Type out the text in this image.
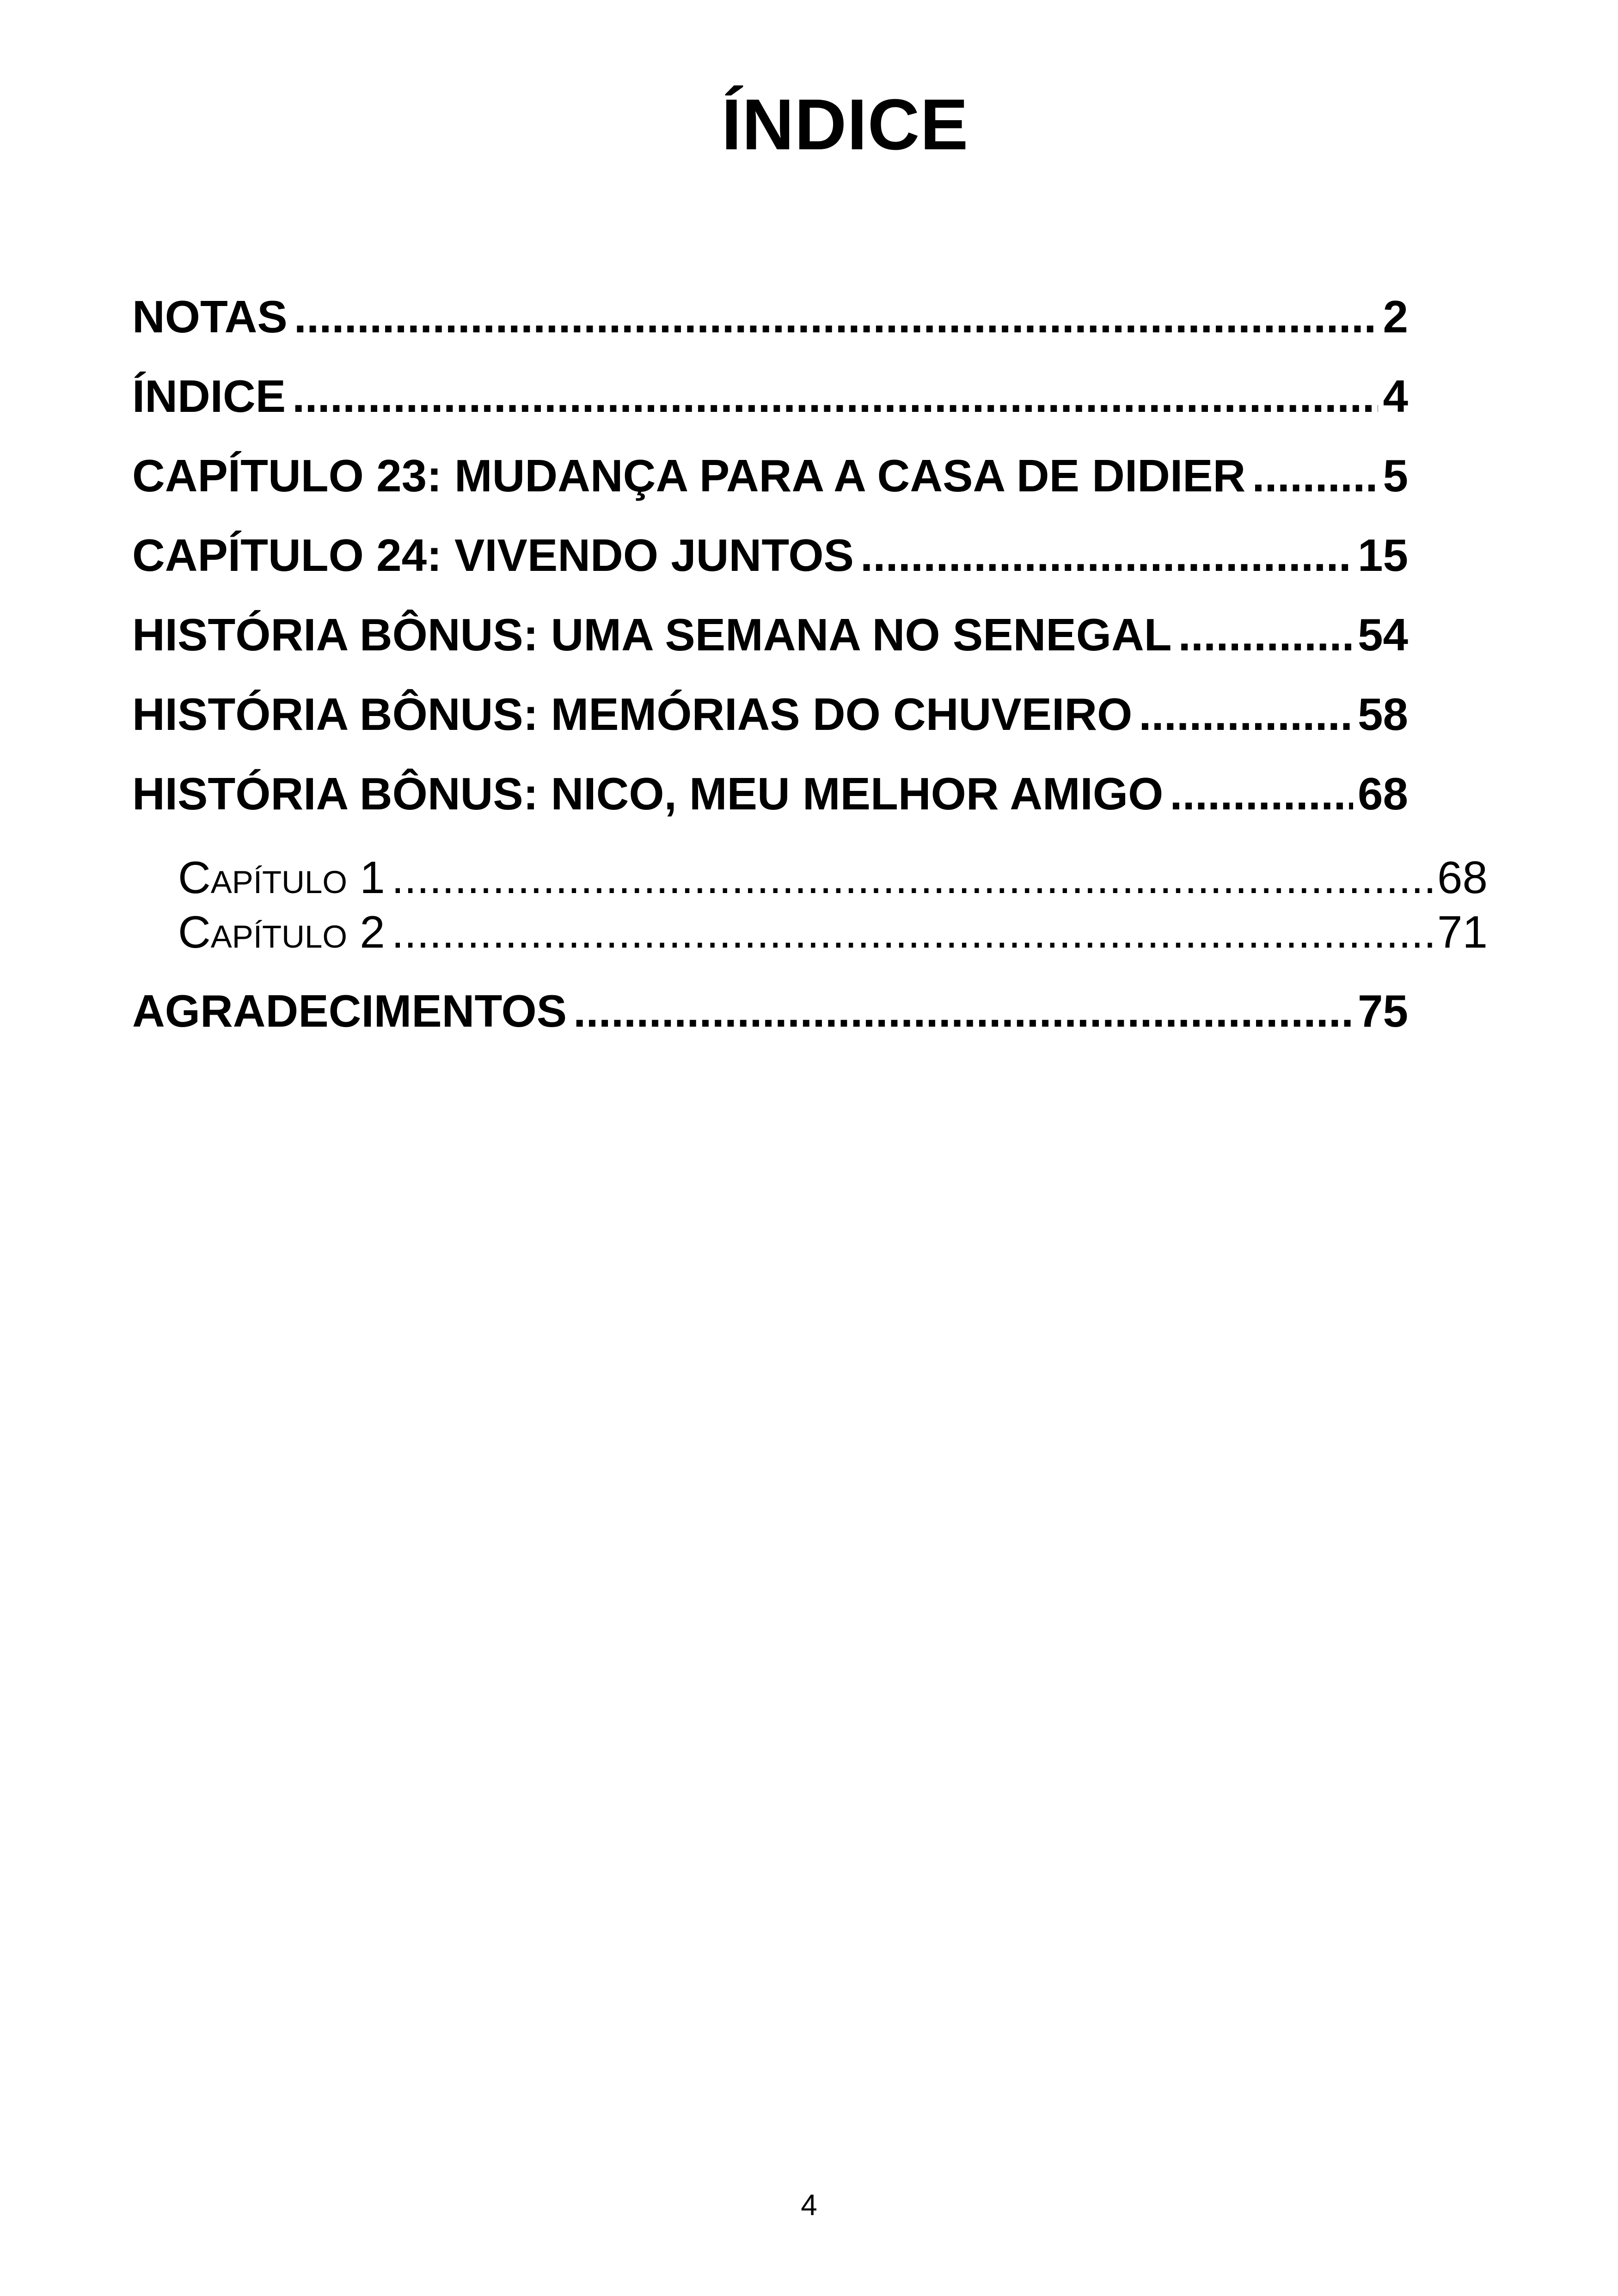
ÍNDICE
NOTAS .....	2
ÍNDICE .....	4
CAPÍTULO 23: MUDANÇA PARA A CASA DE DIDIER .....	5
CAPÍTULO 24: VIVENDO JUNTOS .....	15
HISTÓRIA BÔNUS: UMA SEMANA NO SENEGAL .....	54
HISTÓRIA BÔNUS: MEMÓRIAS DO CHUVEIRO .....	58
HISTÓRIA BÔNUS: NICO, MEU MELHOR AMIGO .....	68
Capítulo 1 .....	68
Capítulo 2 .....	71
AGRADECIMENTOS .....	75
4
